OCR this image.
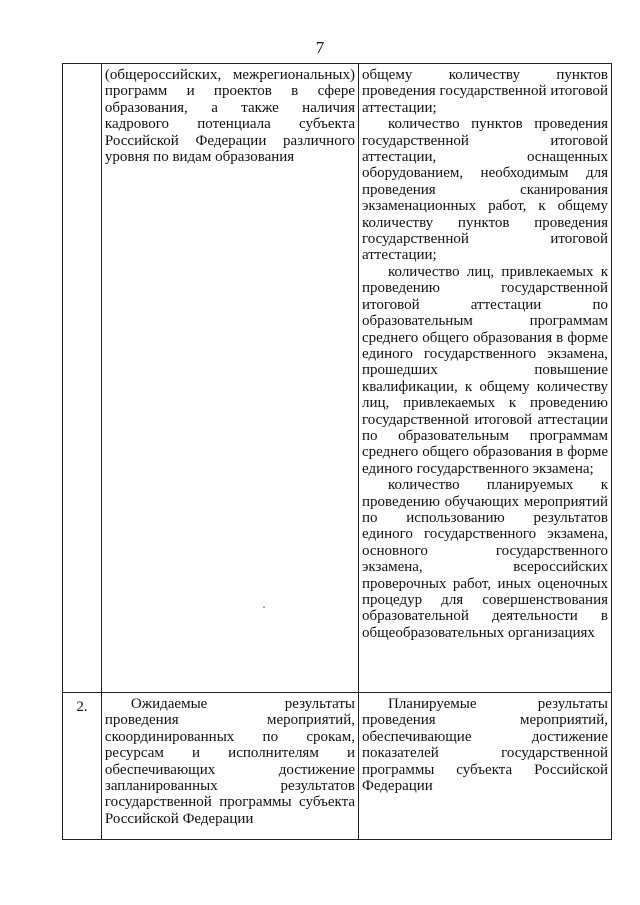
7

	(общероссийских, межрегиональных) программ и проектов в сфере образования, а также наличия кадрового потенциала субъекта Российской Федерации различного уровня по видам образования	общему количеству пунктов проведения государственной итоговой аттестации;

количество пунктов проведения государственной итоговой аттестации, оснащенных оборудованием, необходимым для проведения сканирования экзаменационных работ, к общему количеству пунктов проведения государственной итоговой аттестации;

количество лиц, привлекаемых к проведению государственной итоговой аттестации по образовательным программам среднего общего образования в форме единого государственного экзамена, прошедших повышение квалификации, к общему количеству лиц, привлекаемых к проведению государственной итоговой аттестации по образовательным программам среднего общего образования в форме единого государственного экзамена;

количество планируемых к проведению обучающих мероприятий по использованию результатов единого государственного экзамена, основного государственного экзамена, всероссийских проверочных работ, иных оценочных процедур для совершенствования образовательной деятельности в общеобразовательных организациях

2.	Ожидаемые результаты проведения мероприятий, скоординированных по срокам, ресурсам и исполнителям и обеспечивающих достижение запланированных результатов государственной программы субъекта Российской Федерации	Планируемые результаты проведения мероприятий, обеспечивающие достижение показателей государственной программы субъекта Российской Федерации
